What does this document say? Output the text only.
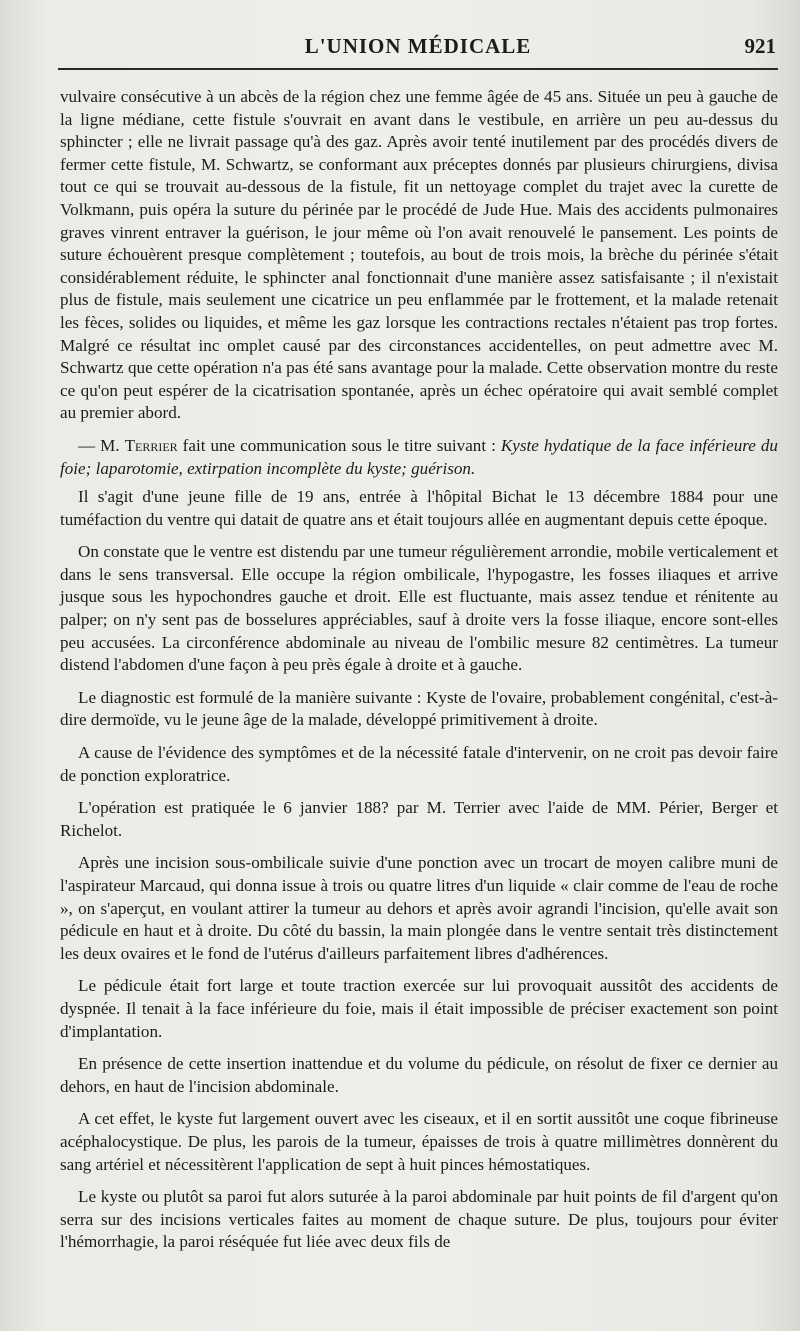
L'UNION MÉDICALE	921

vulvaire consécutive à un abcès de la région chez une femme âgée de 45 ans. Située un peu à gauche de la ligne médiane, cette fistule s'ouvrait en avant dans le vestibule, en arrière un peu au-dessus du sphincter ; elle ne livrait passage qu'à des gaz. Après avoir tenté inutilement par des procédés divers de fermer cette fistule, M. Schwartz, se conformant aux préceptes donnés par plusieurs chirurgiens, divisa tout ce qui se trouvait au-dessous de la fistule, fit un nettoyage complet du trajet avec la curette de Volkmann, puis opéra la suture du périnée par le procédé de Jude Hue. Mais des accidents pulmonaires graves vinrent entraver la guérison, le jour même où l'on avait renouvelé le pansement. Les points de suture échouèrent presque complètement ; toutefois, au bout de trois mois, la brèche du périnée s'était considérablement réduite, le sphincter anal fonctionnait d'une manière assez satisfaisante ; il n'existait plus de fistule, mais seulement une cicatrice un peu enflammée par le frottement, et la malade retenait les fèces, solides ou liquides, et même les gaz lorsque les contractions rectales n'étaient pas trop fortes. Malgré ce résultat inc omplet causé par des circonstances accidentelles, on peut admettre avec M. Schwartz que cette opération n'a pas été sans avantage pour la malade. Cette observation montre du reste ce qu'on peut espérer de la cicatrisation spontanée, après un échec opératoire qui avait semblé complet au premier abord.

— M. Terrier fait une communication sous le titre suivant : Kyste hydatique de la face inférieure du foie; laparotomie, extirpation incomplète du kyste; guérison.

Il s'agit d'une jeune fille de 19 ans, entrée à l'hôpital Bichat le 13 décembre 1884 pour une tuméfaction du ventre qui datait de quatre ans et était toujours allée en augmentant depuis cette époque.

On constate que le ventre est distendu par une tumeur régulièrement arrondie, mobile verticalement et dans le sens transversal. Elle occupe la région ombilicale, l'hypogastre, les fosses iliaques et arrive jusque sous les hypochondres gauche et droit. Elle est fluctuante, mais assez tendue et rénitente au palper; on n'y sent pas de bosselures appréciables, sauf à droite vers la fosse iliaque, encore sont-elles peu accusées. La circonférence abdominale au niveau de l'ombilic mesure 82 centimètres. La tumeur distend l'abdomen d'une façon à peu près égale à droite et à gauche.

Le diagnostic est formulé de la manière suivante : Kyste de l'ovaire, probablement congénital, c'est-à-dire dermoïde, vu le jeune âge de la malade, développé primitivement à droite.

A cause de l'évidence des symptômes et de la nécessité fatale d'intervenir, on ne croit pas devoir faire de ponction exploratrice.

L'opération est pratiquée le 6 janvier 188? par M. Terrier avec l'aide de MM. Périer, Berger et Richelot.

Après une incision sous-ombilicale suivie d'une ponction avec un trocart de moyen calibre muni de l'aspirateur Marcaud, qui donna issue à trois ou quatre litres d'un liquide « clair comme de l'eau de roche », on s'aperçut, en voulant attirer la tumeur au dehors et après avoir agrandi l'incision, qu'elle avait son pédicule en haut et à droite. Du côté du bassin, la main plongée dans le ventre sentait très distinctement les deux ovaires et le fond de l'utérus d'ailleurs parfaitement libres d'adhérences.

Le pédicule était fort large et toute traction exercée sur lui provoquait aussitôt des accidents de dyspnée. Il tenait à la face inférieure du foie, mais il était impossible de préciser exactement son point d'implantation.

En présence de cette insertion inattendue et du volume du pédicule, on résolut de fixer ce dernier au dehors, en haut de l'incision abdominale.

A cet effet, le kyste fut largement ouvert avec les ciseaux, et il en sortit aussitôt une coque fibrineuse acéphalocystique. De plus, les parois de la tumeur, épaisses de trois à quatre millimètres donnèrent du sang artériel et nécessitèrent l'application de sept à huit pinces hémostatiques.

Le kyste ou plutôt sa paroi fut alors suturée à la paroi abdominale par huit points de fil d'argent qu'on serra sur des incisions verticales faites au moment de chaque suture. De plus, toujours pour éviter l'hémorrhagie, la paroi réséquée fut liée avec deux fils de
